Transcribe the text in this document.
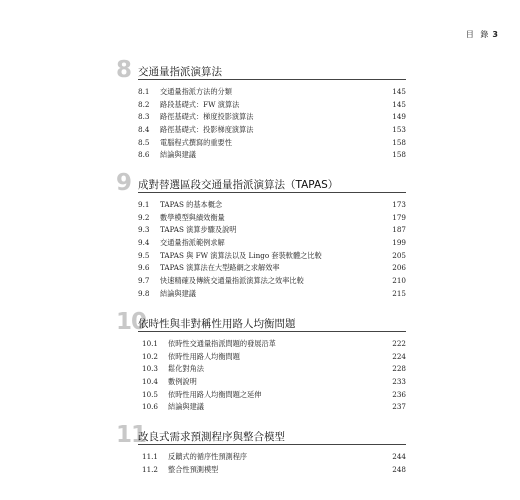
目 錄 3
8 交通量指派演算法
8.1 交通量指派方法的分類	145
8.2 路段基礎式：FW 演算法	145
8.3 路徑基礎式：梯度投影演算法	149
8.4 路徑基礎式：投影梯度演算法	153
8.5 電腦程式撰寫的重要性	158
8.6 結論與建議	158
9 成對替選區段交通量指派演算法（TAPAS）
9.1 TAPAS 的基本概念	173
9.2 數學模型與績效衡量	179
9.3 TAPAS 演算步驟及說明	187
9.4 交通量指派範例求解	199
9.5 TAPAS 與 FW 演算法以及 Lingo 套裝軟體之比較	205
9.6 TAPAS 演算法在大型路網之求解效率	206
9.7 快速精確及傳統交通量指派演算法之效率比較	210
9.8 結論與建議	215
10
依時性與非對稱性用路人均衡問題
10.1 依時性交通量指派問題的發展沿革	222
10.2 依時性用路人均衡問題	224
10.3 鬆化對角法	228
10.4 數例說明	233
10.5 依時性用路人均衡問題之延伸	236
10.6 結論與建議	237
11
改良式需求預測程序與整合模型
11.1 反饋式的循序性預測程序	244
11.2 整合性預測模型	248
